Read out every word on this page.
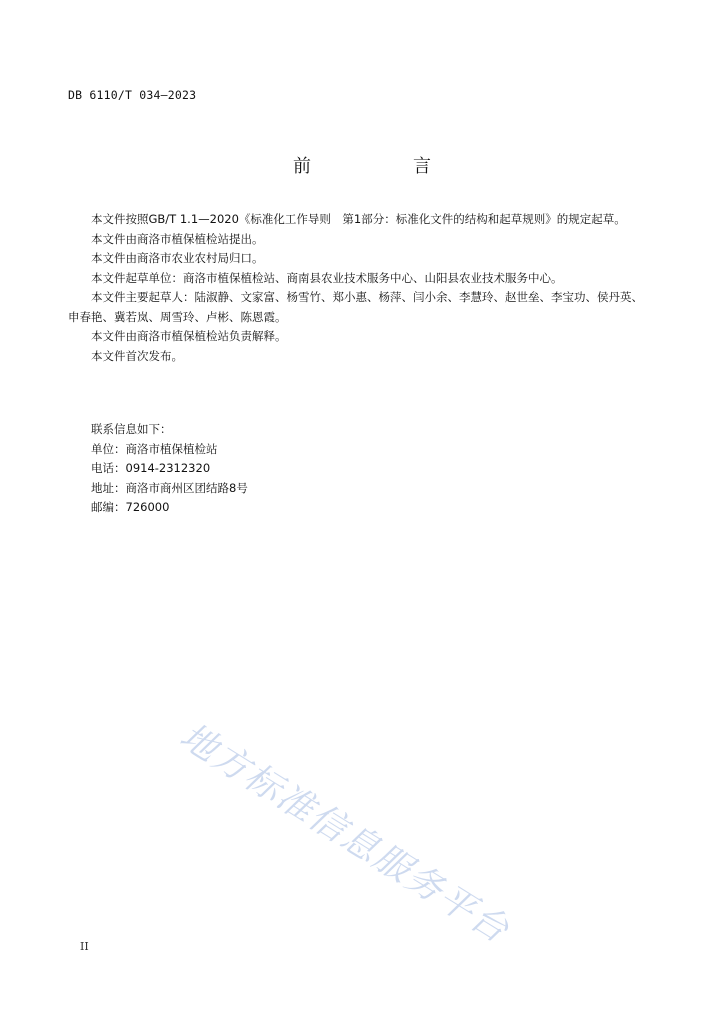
DB 6110/T 034—2023
前　言

本文件按照GB/T 1.1—2020《标准化工作导则　第1部分：标准化文件的结构和起草规则》的规定起草。

本文件由商洛市植保植检站提出。

本文件由商洛市农业农村局归口。

本文件起草单位：商洛市植保植检站、商南县农业技术服务中心、山阳县农业技术服务中心。

本文件主要起草人：陆淑静、文家富、杨雪竹、郑小惠、杨萍、闫小余、李慧玲、赵世垒、李宝功、侯丹英、申春艳、冀若岚、周雪玲、卢彬、陈恩霞。

本文件由商洛市植保植检站负责解释。

本文件首次发布。

联系信息如下：

单位：商洛市植保植检站

电话：0914-2312320

地址：商洛市商州区团结路8号

邮编：726000

地方标准信息服务平台
II
